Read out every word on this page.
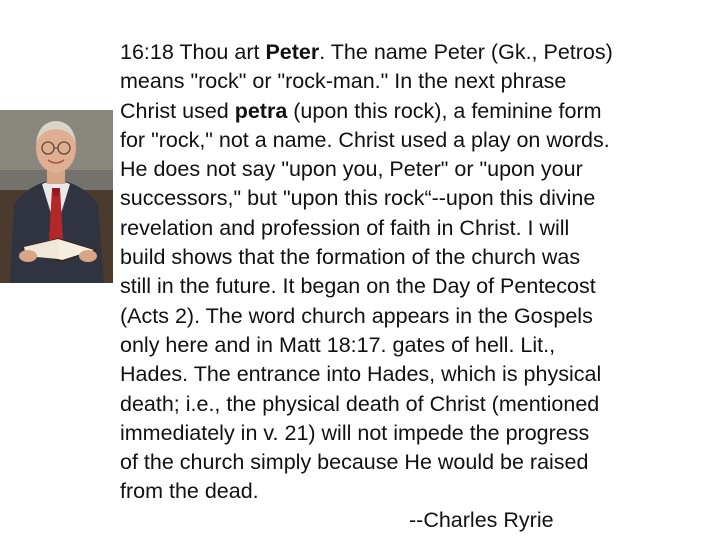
16:18 Thou art Peter. The name Peter (Gk., Petros)
means "rock" or "rock-man." In the next phrase
Christ used petra (upon this rock), a feminine form
for "rock," not a name. Christ used a play on words.
He does not say "upon you, Peter" or "upon your
successors," but "upon this rock“--upon this divine
revelation and profession of faith in Christ. I will
build shows that the formation of the church was
still in the future. It began on the Day of Pentecost
(Acts 2). The word church appears in the Gospels
only here and in Matt 18:17. gates of hell. Lit.,
Hades. The entrance into Hades, which is physical
death; i.e., the physical death of Christ (mentioned
immediately in v. 21) will not impede the progress
of the church simply because He would be raised
from the dead.

--Charles Ryrie
